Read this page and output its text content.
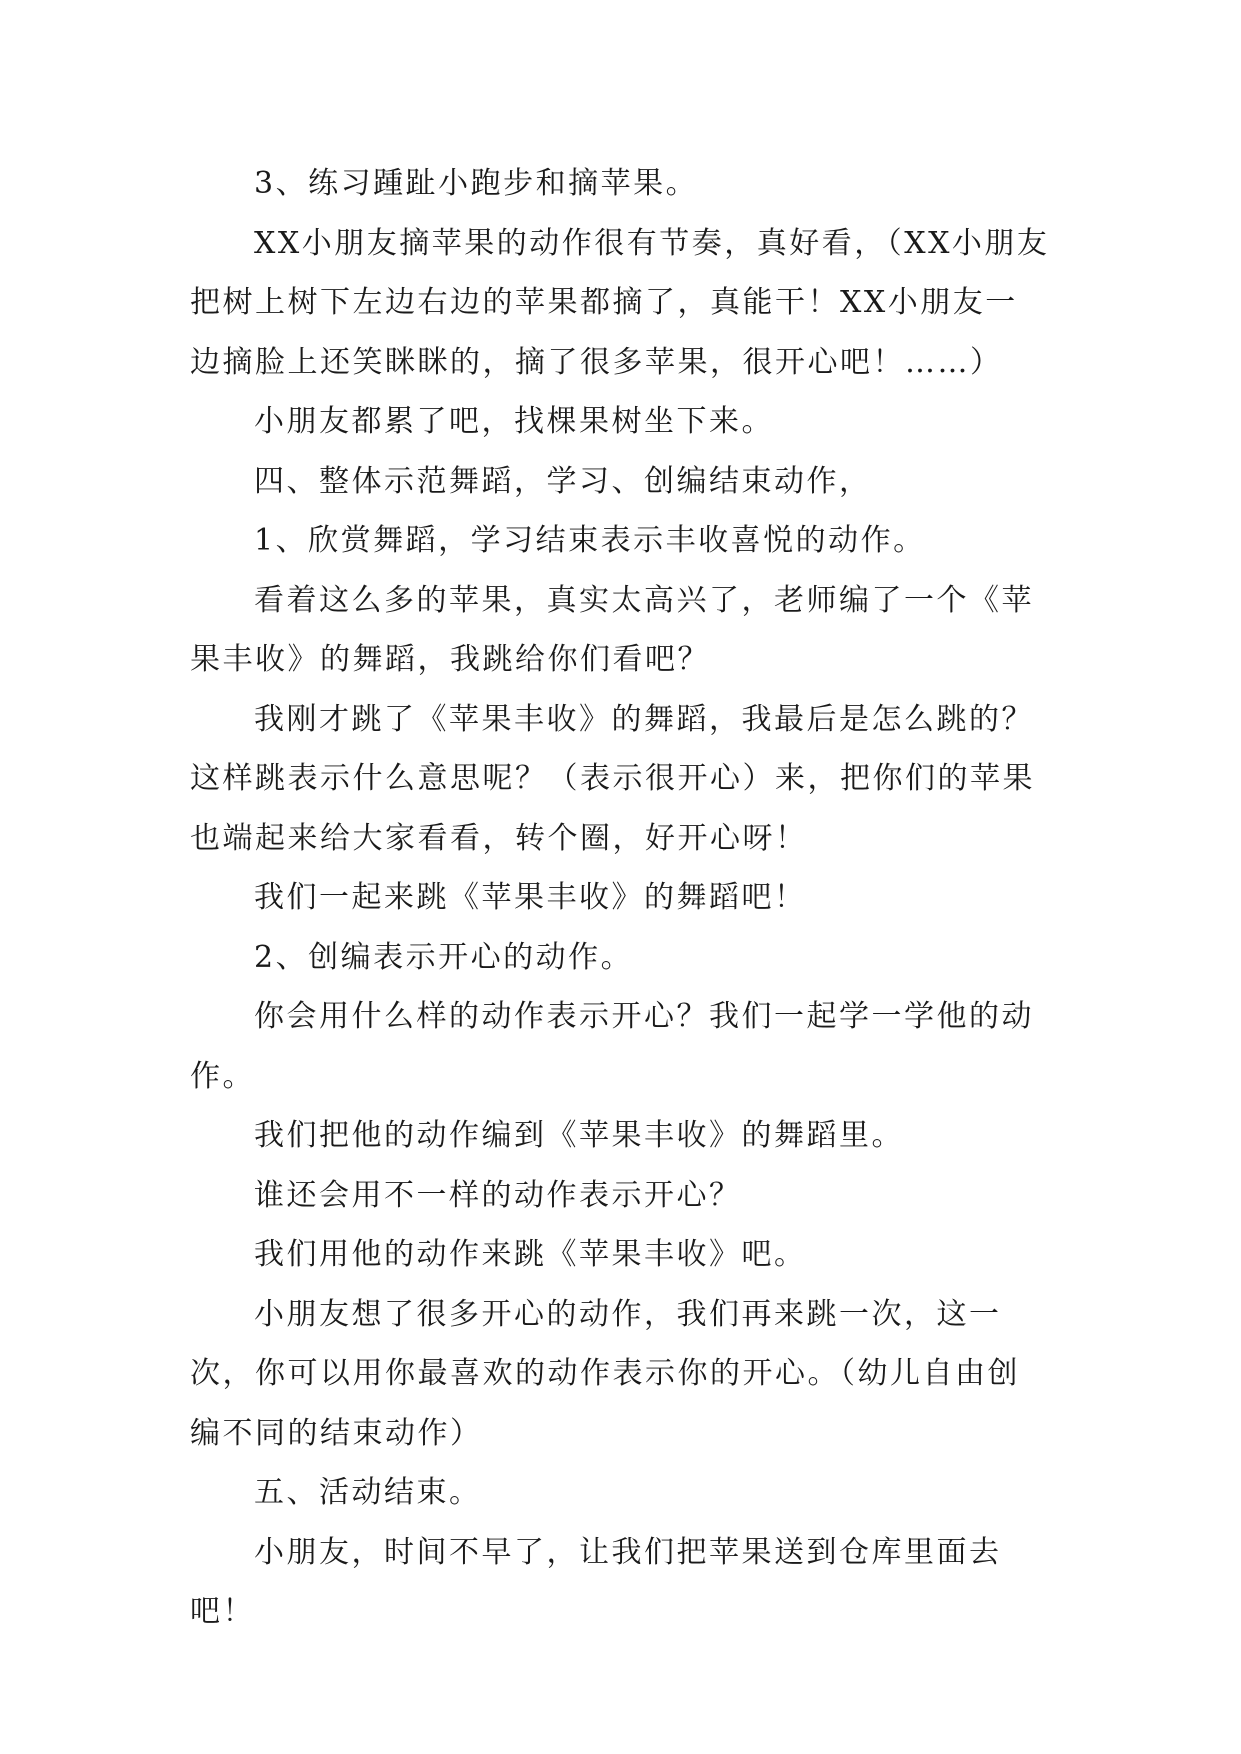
3、练习踵趾小跑步和摘苹果。

XX小朋友摘苹果的动作很有节奏，真好看，（XX小朋友把树上树下左边右边的苹果都摘了，真能干！XX小朋友一边摘脸上还笑眯眯的，摘了很多苹果，很开心吧！……）

小朋友都累了吧，找棵果树坐下来。

四、整体示范舞蹈，学习、创编结束动作，

1、欣赏舞蹈，学习结束表示丰收喜悦的动作。

看着这么多的苹果，真实太高兴了，老师编了一个《苹果丰收》的舞蹈，我跳给你们看吧？

我刚才跳了《苹果丰收》的舞蹈，我最后是怎么跳的？这样跳表示什么意思呢？（表示很开心）来，把你们的苹果也端起来给大家看看，转个圈，好开心呀！

我们一起来跳《苹果丰收》的舞蹈吧！

2、创编表示开心的动作。

你会用什么样的动作表示开心？我们一起学一学他的动作。

我们把他的动作编到《苹果丰收》的舞蹈里。

谁还会用不一样的动作表示开心？

我们用他的动作来跳《苹果丰收》吧。

小朋友想了很多开心的动作，我们再来跳一次，这一次，你可以用你最喜欢的动作表示你的开心。（幼儿自由创编不同的结束动作）

五、活动结束。

小朋友，时间不早了，让我们把苹果送到仓库里面去吧！
